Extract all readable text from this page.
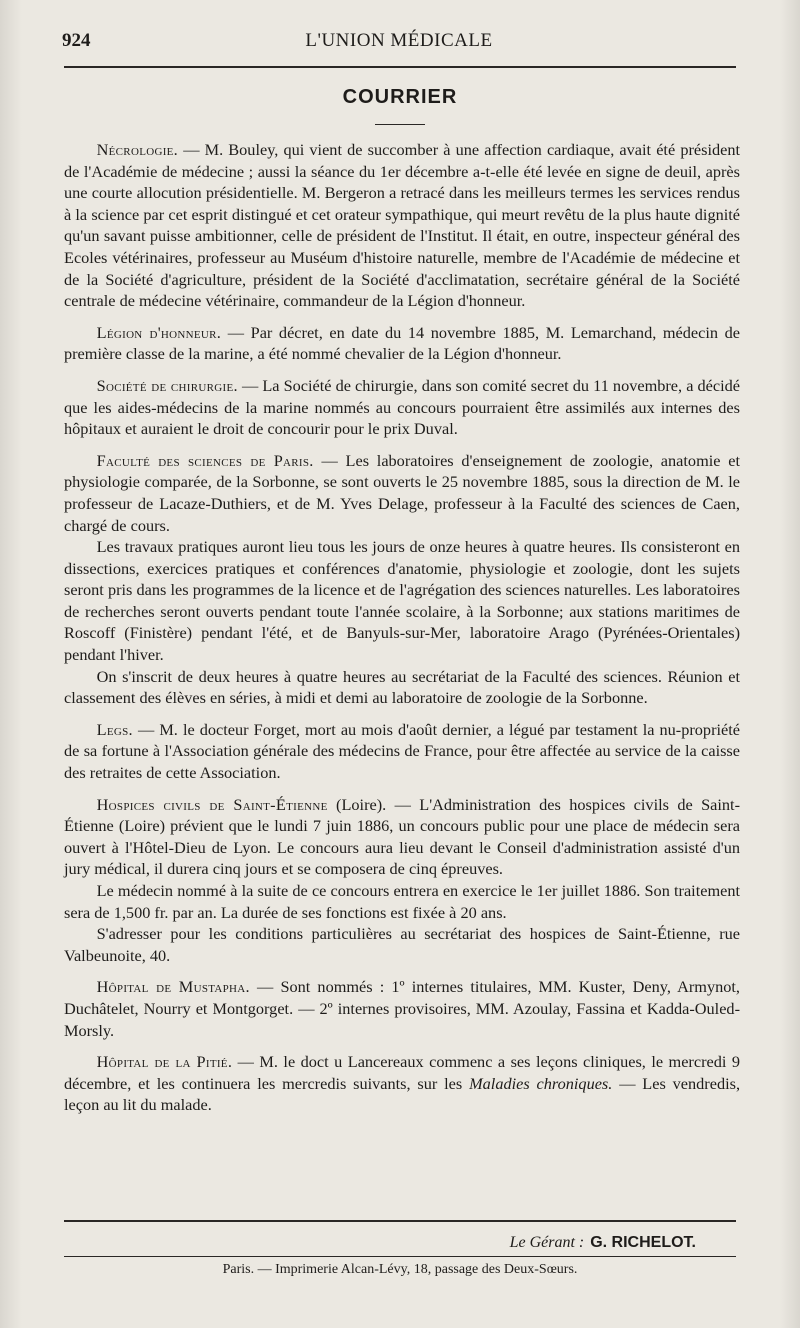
924	L'UNION MÉDICALE
COURRIER

Nécrologie. — M. Bouley, qui vient de succomber à une affection cardiaque, avait été président de l'Académie de médecine ; aussi la séance du 1er décembre a-t-elle été levée en signe de deuil, après une courte allocution présidentielle. M. Bergeron a retracé dans les meilleurs termes les services rendus à la science par cet esprit distingué et cet orateur sympathique, qui meurt revêtu de la plus haute dignité qu'un savant puisse ambitionner, celle de président de l'Institut. Il était, en outre, inspecteur général des Ecoles vétérinaires, professeur au Muséum d'histoire naturelle, membre de l'Académie de médecine et de la Société d'agriculture, président de la Société d'acclimatation, secrétaire général de la Société centrale de médecine vétérinaire, commandeur de la Légion d'honneur.

Légion d'honneur. — Par décret, en date du 14 novembre 1885, M. Lemarchand, médecin de première classe de la marine, a été nommé chevalier de la Légion d'honneur.

Société de chirurgie. — La Société de chirurgie, dans son comité secret du 11 novembre, a décidé que les aides-médecins de la marine nommés au concours pourraient être assimilés aux internes des hôpitaux et auraient le droit de concourir pour le prix Duval.

Faculté des sciences de Paris. — Les laboratoires d'enseignement de zoologie, anatomie et physiologie comparée, de la Sorbonne, se sont ouverts le 25 novembre 1885, sous la direction de M. le professeur de Lacaze-Duthiers, et de M. Yves Delage, professeur à la Faculté des sciences de Caen, chargé de cours.

Les travaux pratiques auront lieu tous les jours de onze heures à quatre heures. Ils consisteront en dissections, exercices pratiques et conférences d'anatomie, physiologie et zoologie, dont les sujets seront pris dans les programmes de la licence et de l'agrégation des sciences naturelles. Les laboratoires de recherches seront ouverts pendant toute l'année scolaire, à la Sorbonne; aux stations maritimes de Roscoff (Finistère) pendant l'été, et de Banyuls-sur-Mer, laboratoire Arago (Pyrénées-Orientales) pendant l'hiver.

On s'inscrit de deux heures à quatre heures au secrétariat de la Faculté des sciences. Réunion et classement des élèves en séries, à midi et demi au laboratoire de zoologie de la Sorbonne.

Legs. — M. le docteur Forget, mort au mois d'août dernier, a légué par testament la nu-propriété de sa fortune à l'Association générale des médecins de France, pour être affectée au service de la caisse des retraites de cette Association.

Hospices civils de Saint-Étienne (Loire). — L'Administration des hospices civils de Saint-Étienne (Loire) prévient que le lundi 7 juin 1886, un concours public pour une place de médecin sera ouvert à l'Hôtel-Dieu de Lyon. Le concours aura lieu devant le Conseil d'administration assisté d'un jury médical, il durera cinq jours et se composera de cinq épreuves.

Le médecin nommé à la suite de ce concours entrera en exercice le 1er juillet 1886. Son traitement sera de 1,500 fr. par an. La durée de ses fonctions est fixée à 20 ans.

S'adresser pour les conditions particulières au secrétariat des hospices de Saint-Étienne, rue Valbeunoite, 40.

Hôpital de Mustapha. — Sont nommés : 1º internes titulaires, MM. Kuster, Deny, Armynot, Duchâtelet, Nourry et Montgorget. — 2º internes provisoires, MM. Azoulay, Fassina et Kadda-Ouled-Morsly.

Hôpital de la Pitié. — M. le doct u Lancereaux commenc a ses leçons cliniques, le mercredi 9 décembre, et les continuera les mercredis suivants, sur les Maladies chroniques. — Les vendredis, leçon au lit du malade.

Le Gérant : G. RICHELOT.
Paris. — Imprimerie Alcan-Lévy, 18, passage des Deux-Sœurs.
